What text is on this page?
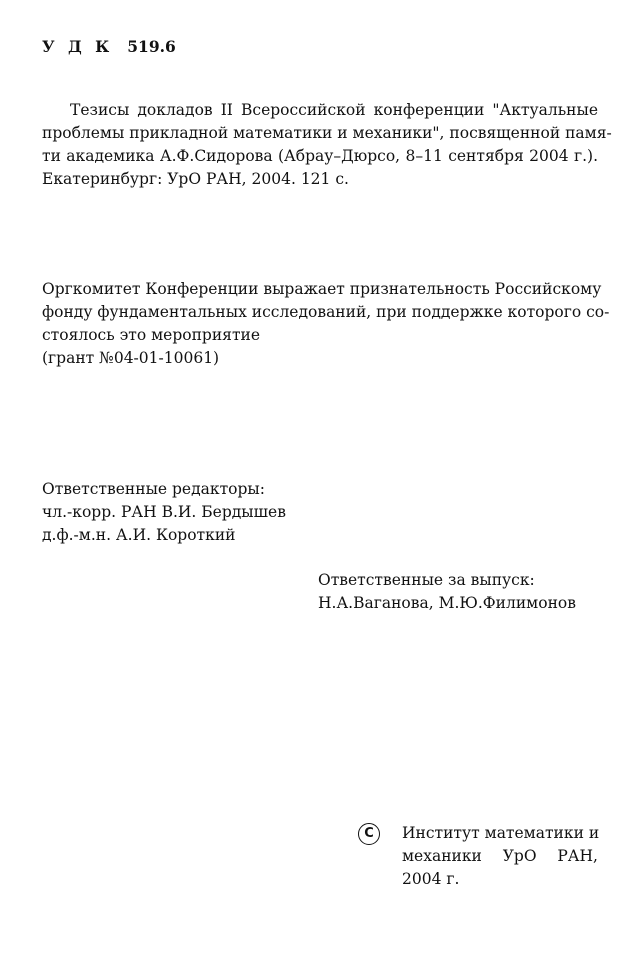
У Д К 519.6
Тезисы докладов II Всероссийской конференции "Актуальные
проблемы прикладной математики и механики", посвященной памя-
ти академика А.Ф.Сидорова (Абрау–Дюрсо, 8–11 сентября 2004 г.).
Екатеринбург: УрО РАН, 2004. 121 с.
Оргкомитет Конференции выражает признательность Российскому
фонду фундаментальных исследований, при поддержке которого со-
стоялось это мероприятие
(грант №04-01-10061)
Ответственные редакторы:
чл.-корр. РАН В.И. Бердышев
д.ф.-м.н. А.И. Короткий
Ответственные за выпуск:
Н.А.Ваганова, М.Ю.Филимонов
C	Институт математики и
механики УрО РАН,
2004 г.
